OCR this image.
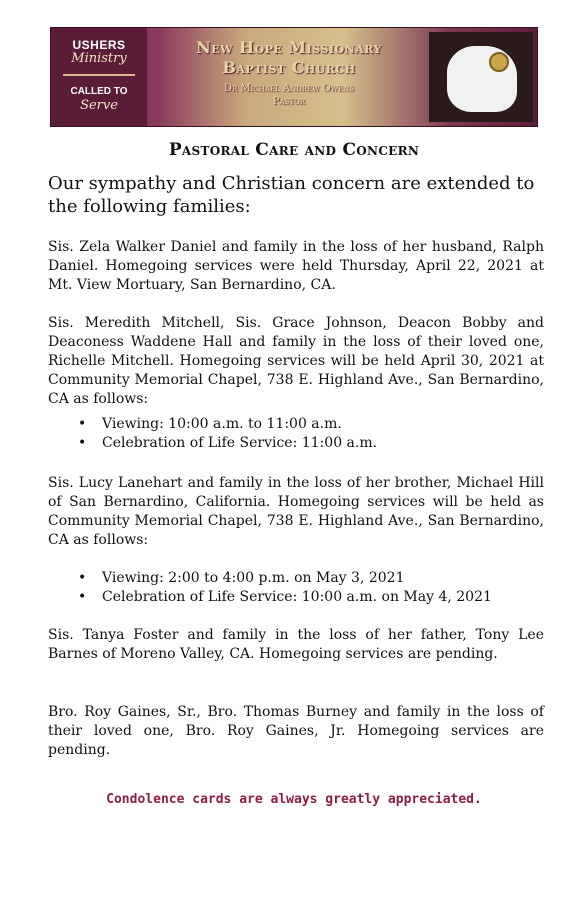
USHERS
Ministry
CALLED TO
Serve
New Hope Missionary
Baptist Church
Dr Michael Andrew Owens
Pastor
Pastoral Care and Concern
Our sympathy and Christian concern are extended to the following families:
Sis. Zela Walker Daniel and family in the loss of her husband, Ralph Daniel. Homegoing services were held Thursday, April 22, 2021 at Mt. View Mortuary, San Bernardino, CA.
Sis. Meredith Mitchell, Sis. Grace Johnson, Deacon Bobby and Deaconess Waddene Hall and family in the loss of their loved one, Richelle Mitchell. Homegoing services will be held April 30, 2021 at Community Memorial Chapel, 738 E. Highland Ave., San Bernardino, CA as follows:
• Viewing: 10:00 a.m. to 11:00 a.m.
• Celebration of Life Service: 11:00 a.m.
Sis. Lucy Lanehart and family in the loss of her brother, Michael Hill of San Bernardino, California. Homegoing services will be held as Community Memorial Chapel, 738 E. Highland Ave., San Bernardino, CA as follows:
• Viewing: 2:00 to 4:00 p.m. on May 3, 2021
• Celebration of Life Service: 10:00 a.m. on May 4, 2021
Sis. Tanya Foster and family in the loss of her father, Tony Lee Barnes of Moreno Valley, CA. Homegoing services are pending.
Bro. Roy Gaines, Sr., Bro. Thomas Burney and family in the loss of their loved one, Bro. Roy Gaines, Jr. Homegoing services are pending.
Condolence cards are always greatly appreciated.
